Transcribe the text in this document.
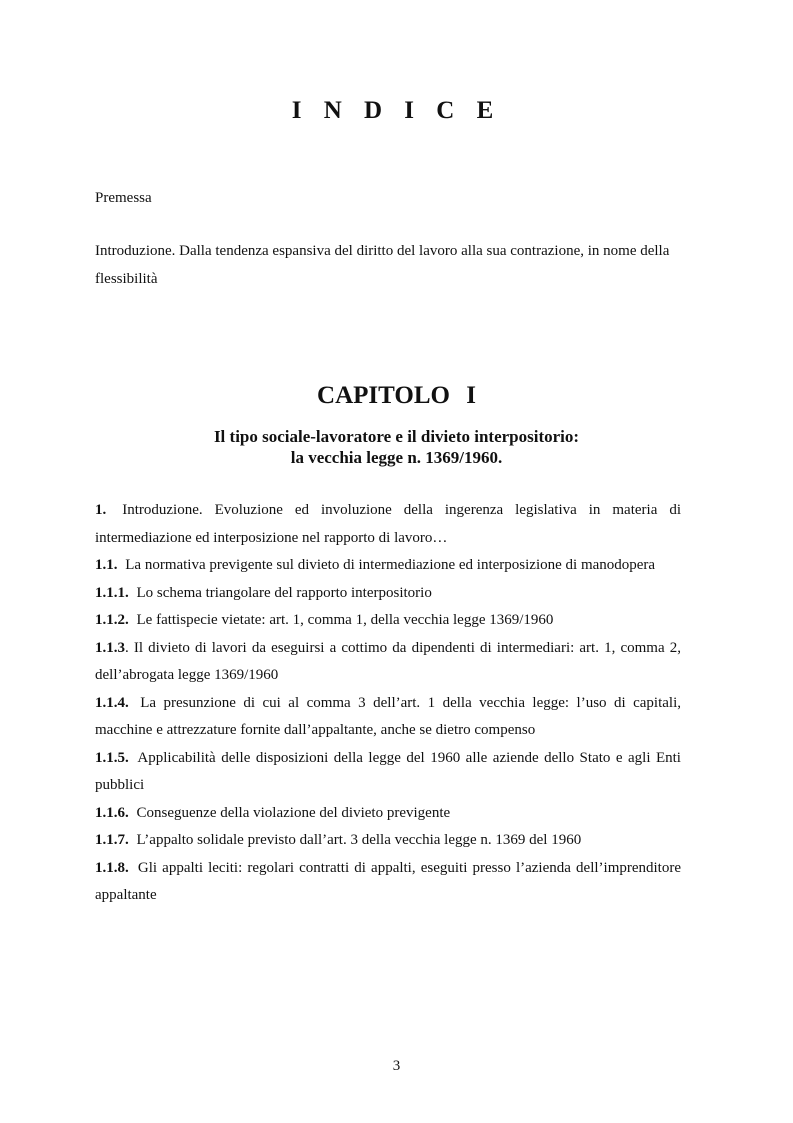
I N D I C E
Premessa
Introduzione. Dalla tendenza espansiva del diritto del lavoro alla sua contrazione, in nome della flessibilità
CAPITOLO I
Il tipo sociale-lavoratore e il divieto interpositorio:
la vecchia legge n. 1369/1960.
1. Introduzione. Evoluzione ed involuzione della ingerenza legislativa in materia di intermediazione ed interposizione nel rapporto di lavoro…
1.1. La normativa previgente sul divieto di intermediazione ed interposizione di manodopera
1.1.1. Lo schema triangolare del rapporto interpositorio
1.1.2. Le fattispecie vietate: art. 1, comma 1, della vecchia legge 1369/1960
1.1.3. Il divieto di lavori da eseguirsi a cottimo da dipendenti di intermediari: art. 1, comma 2, dell’abrogata legge 1369/1960
1.1.4. La presunzione di cui al comma 3 dell’art. 1 della vecchia legge: l’uso di capitali, macchine e attrezzature fornite dall’appaltante, anche se dietro compenso
1.1.5. Applicabilità delle disposizioni della legge del 1960 alle aziende dello Stato e agli Enti pubblici
1.1.6. Conseguenze della violazione del divieto previgente
1.1.7. L’appalto solidale previsto dall’art. 3 della vecchia legge n. 1369 del 1960
1.1.8. Gli appalti leciti: regolari contratti di appalti, eseguiti presso l’azienda dell’imprenditore appaltante
3
